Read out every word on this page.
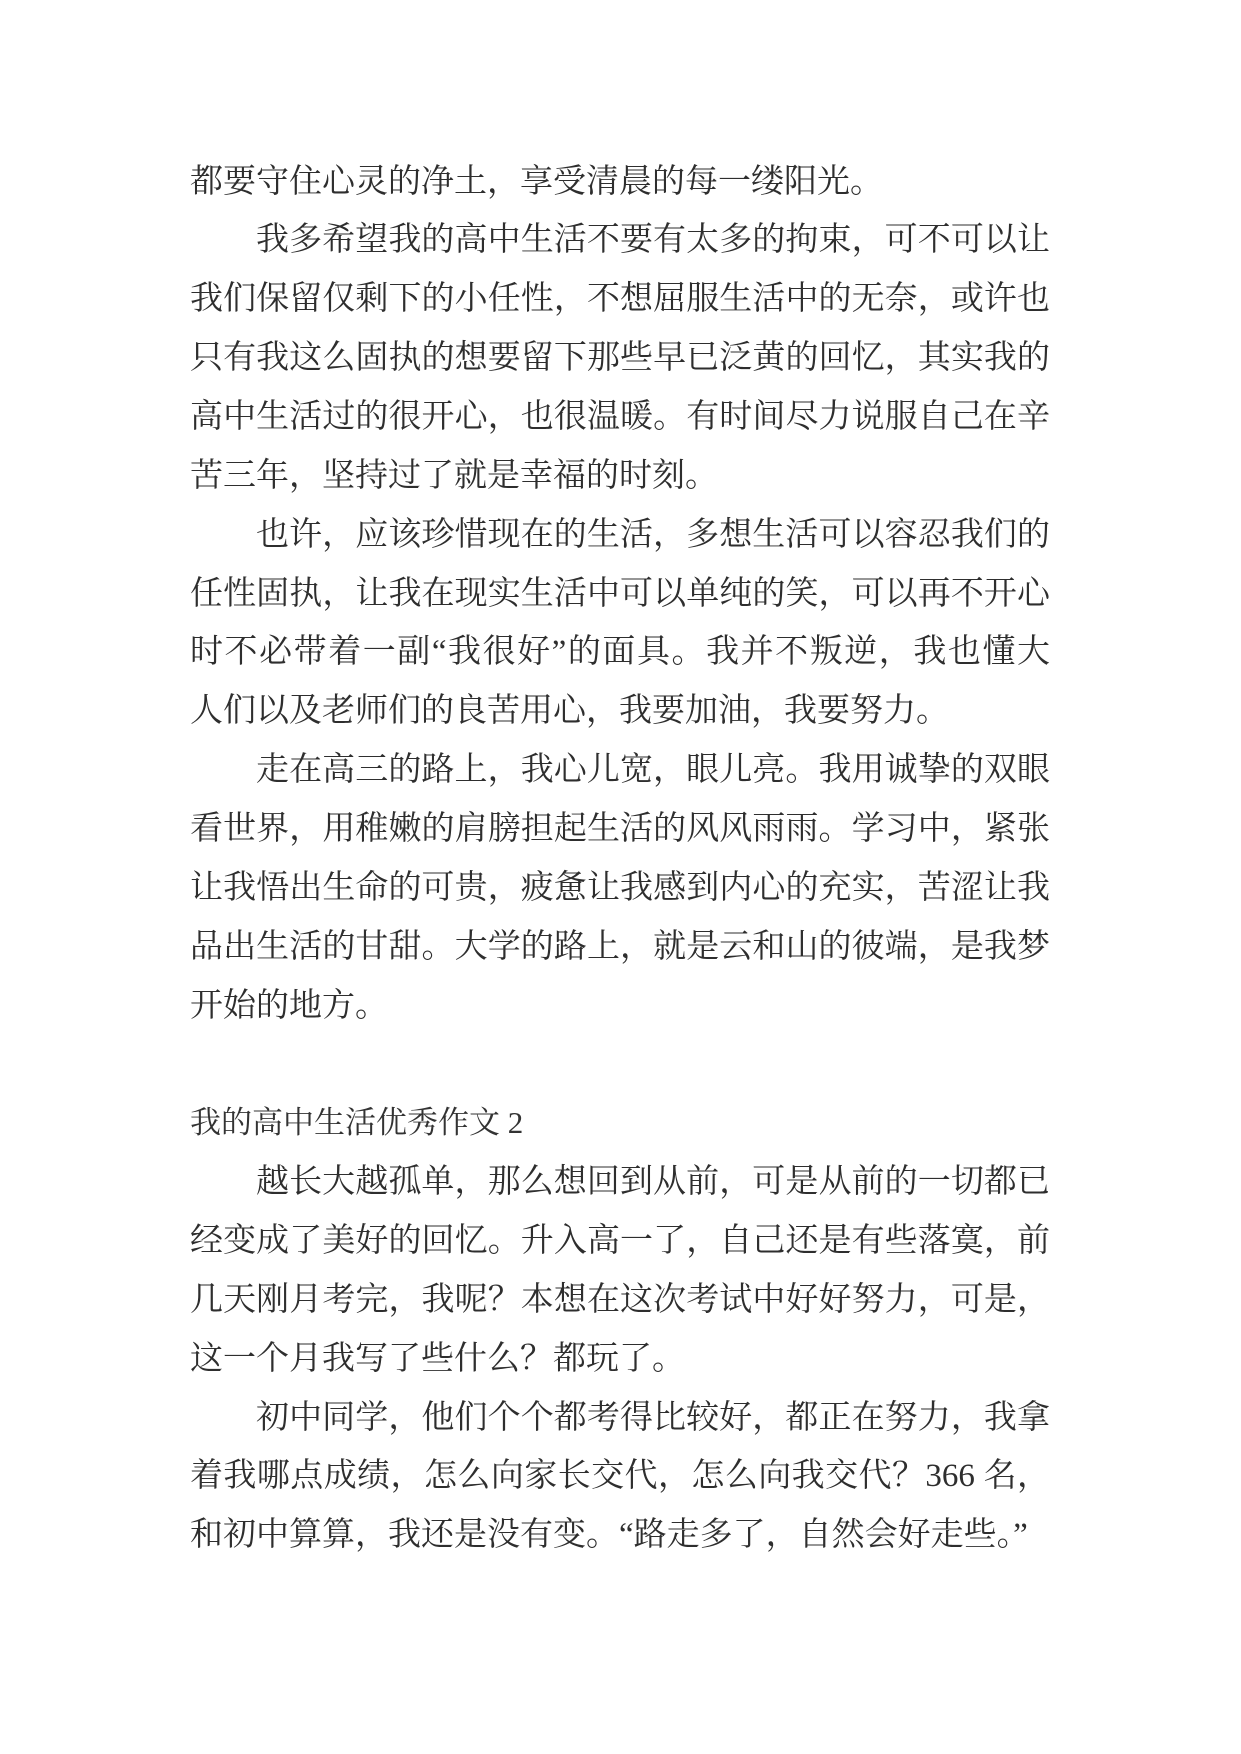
都要守住心灵的净土，享受清晨的每一缕阳光。
我多希望我的高中生活不要有太多的拘束，可不可以让
我们保留仅剩下的小任性，不想屈服生活中的无奈，或许也
只有我这么固执的想要留下那些早已泛黄的回忆，其实我的
高中生活过的很开心，也很温暖。有时间尽力说服自己在辛
苦三年，坚持过了就是幸福的时刻。
也许，应该珍惜现在的生活，多想生活可以容忍我们的
任性固执，让我在现实生活中可以单纯的笑，可以再不开心
时不必带着一副“我很好”的面具。我并不叛逆，我也懂大
人们以及老师们的良苦用心，我要加油，我要努力。
走在高三的路上，我心儿宽，眼儿亮。我用诚挚的双眼
看世界，用稚嫩的肩膀担起生活的风风雨雨。学习中，紧张
让我悟出生命的可贵，疲惫让我感到内心的充实，苦涩让我
品出生活的甘甜。大学的路上，就是云和山的彼端，是我梦
开始的地方。
我的高中生活优秀作文 2
越长大越孤单，那么想回到从前，可是从前的一切都已
经变成了美好的回忆。升入高一了，自己还是有些落寞，前
几天刚月考完，我呢？本想在这次考试中好好努力，可是，
这一个月我写了些什么？都玩了。
初中同学，他们个个都考得比较好，都正在努力，我拿
着我哪点成绩，怎么向家长交代，怎么向我交代？366 名，
和初中算算，我还是没有变。“路走多了，自然会好走些。”
